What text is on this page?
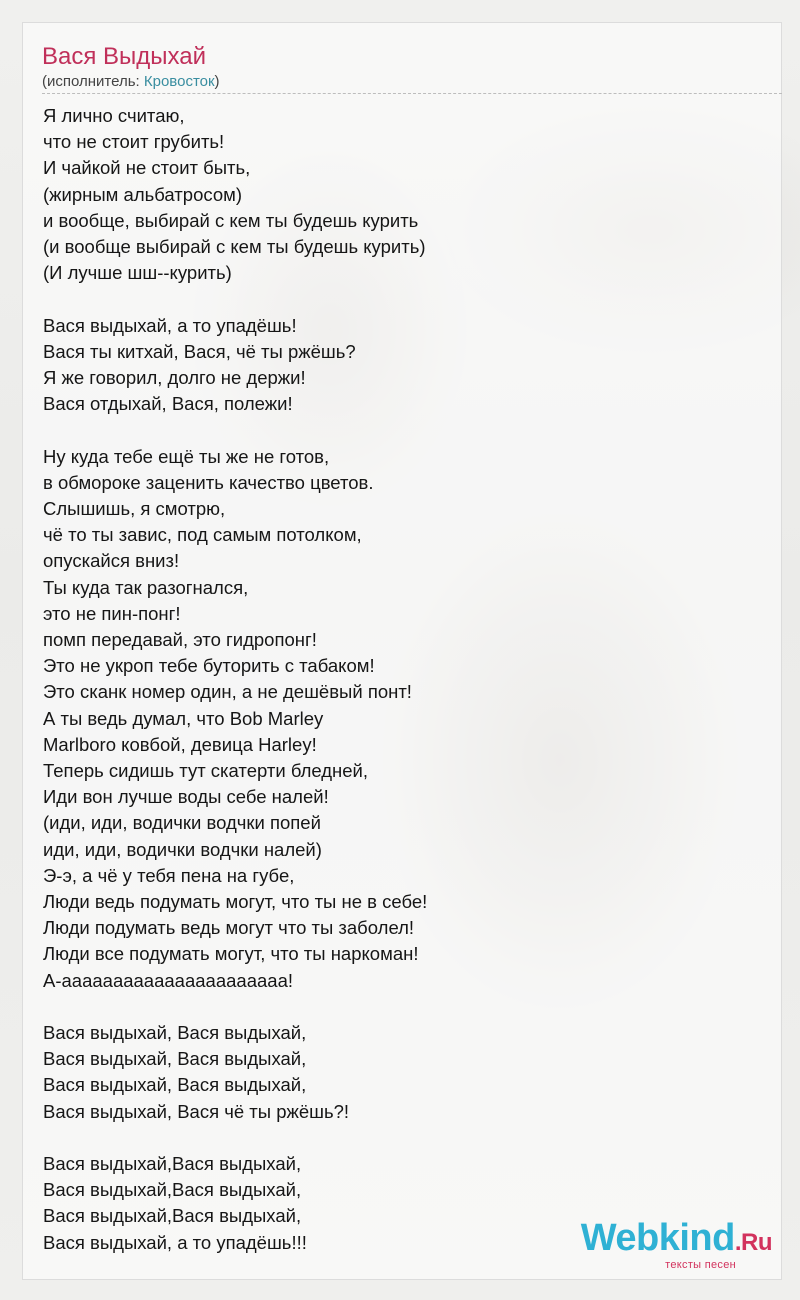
Вася Выдыхай
(исполнитель: Кровосток)
Я лично считаю,
что не стоит грубить!
И чайкой не стоит быть,
(жирным альбатросом)
и вообще, выбирай с кем ты будешь курить
(и вообще выбирай с кем ты будешь курить)
(И лучше шш--курить)
Вася выдыхай, а то упадёшь!
Вася ты китхай, Вася, чё ты ржёшь?
Я же говорил, долго не держи!
Вася отдыхай, Вася, полежи!
Ну куда тебе ещё ты же не готов,
в обмороке заценить качество цветов.
Слышишь, я смотрю,
чё то ты завис, под самым потолком,
опускайся вниз!
Ты куда так разогнался,
это не пин-понг!
помп передавай, это гидропонг!
Это не укроп тебе буторить с табаком!
Это сканк номер один, а не дешёвый понт!
А ты ведь думал, что Bob Marley
Marlboro ковбой, девица Harley!
Теперь сидишь тут скатерти бледней,
Иди вон лучше воды себе налей!
(иди, иди, водички водчки попей
иди, иди, водички водчки налей)
Э-э, а чё у тебя пена на губе,
Люди ведь подумать могут, что ты не в себе!
Люди подумать ведь могут что ты заболел!
Люди все подумать могут, что ты наркоман!
А-аааааааааааааааааааааа!
Вася выдыхай, Вася выдыхай,
Вася выдыхай, Вася выдыхай,
Вася выдыхай, Вася выдыхай,
Вася выдыхай, Вася чё ты ржёшь?!
Вася выдыхай,Вася выдыхай,
Вася выдыхай,Вася выдыхай,
Вася выдыхай,Вася выдыхай,
Вася выдыхай, а то упадёшь!!!	Webkind.Ru
тексты песен
